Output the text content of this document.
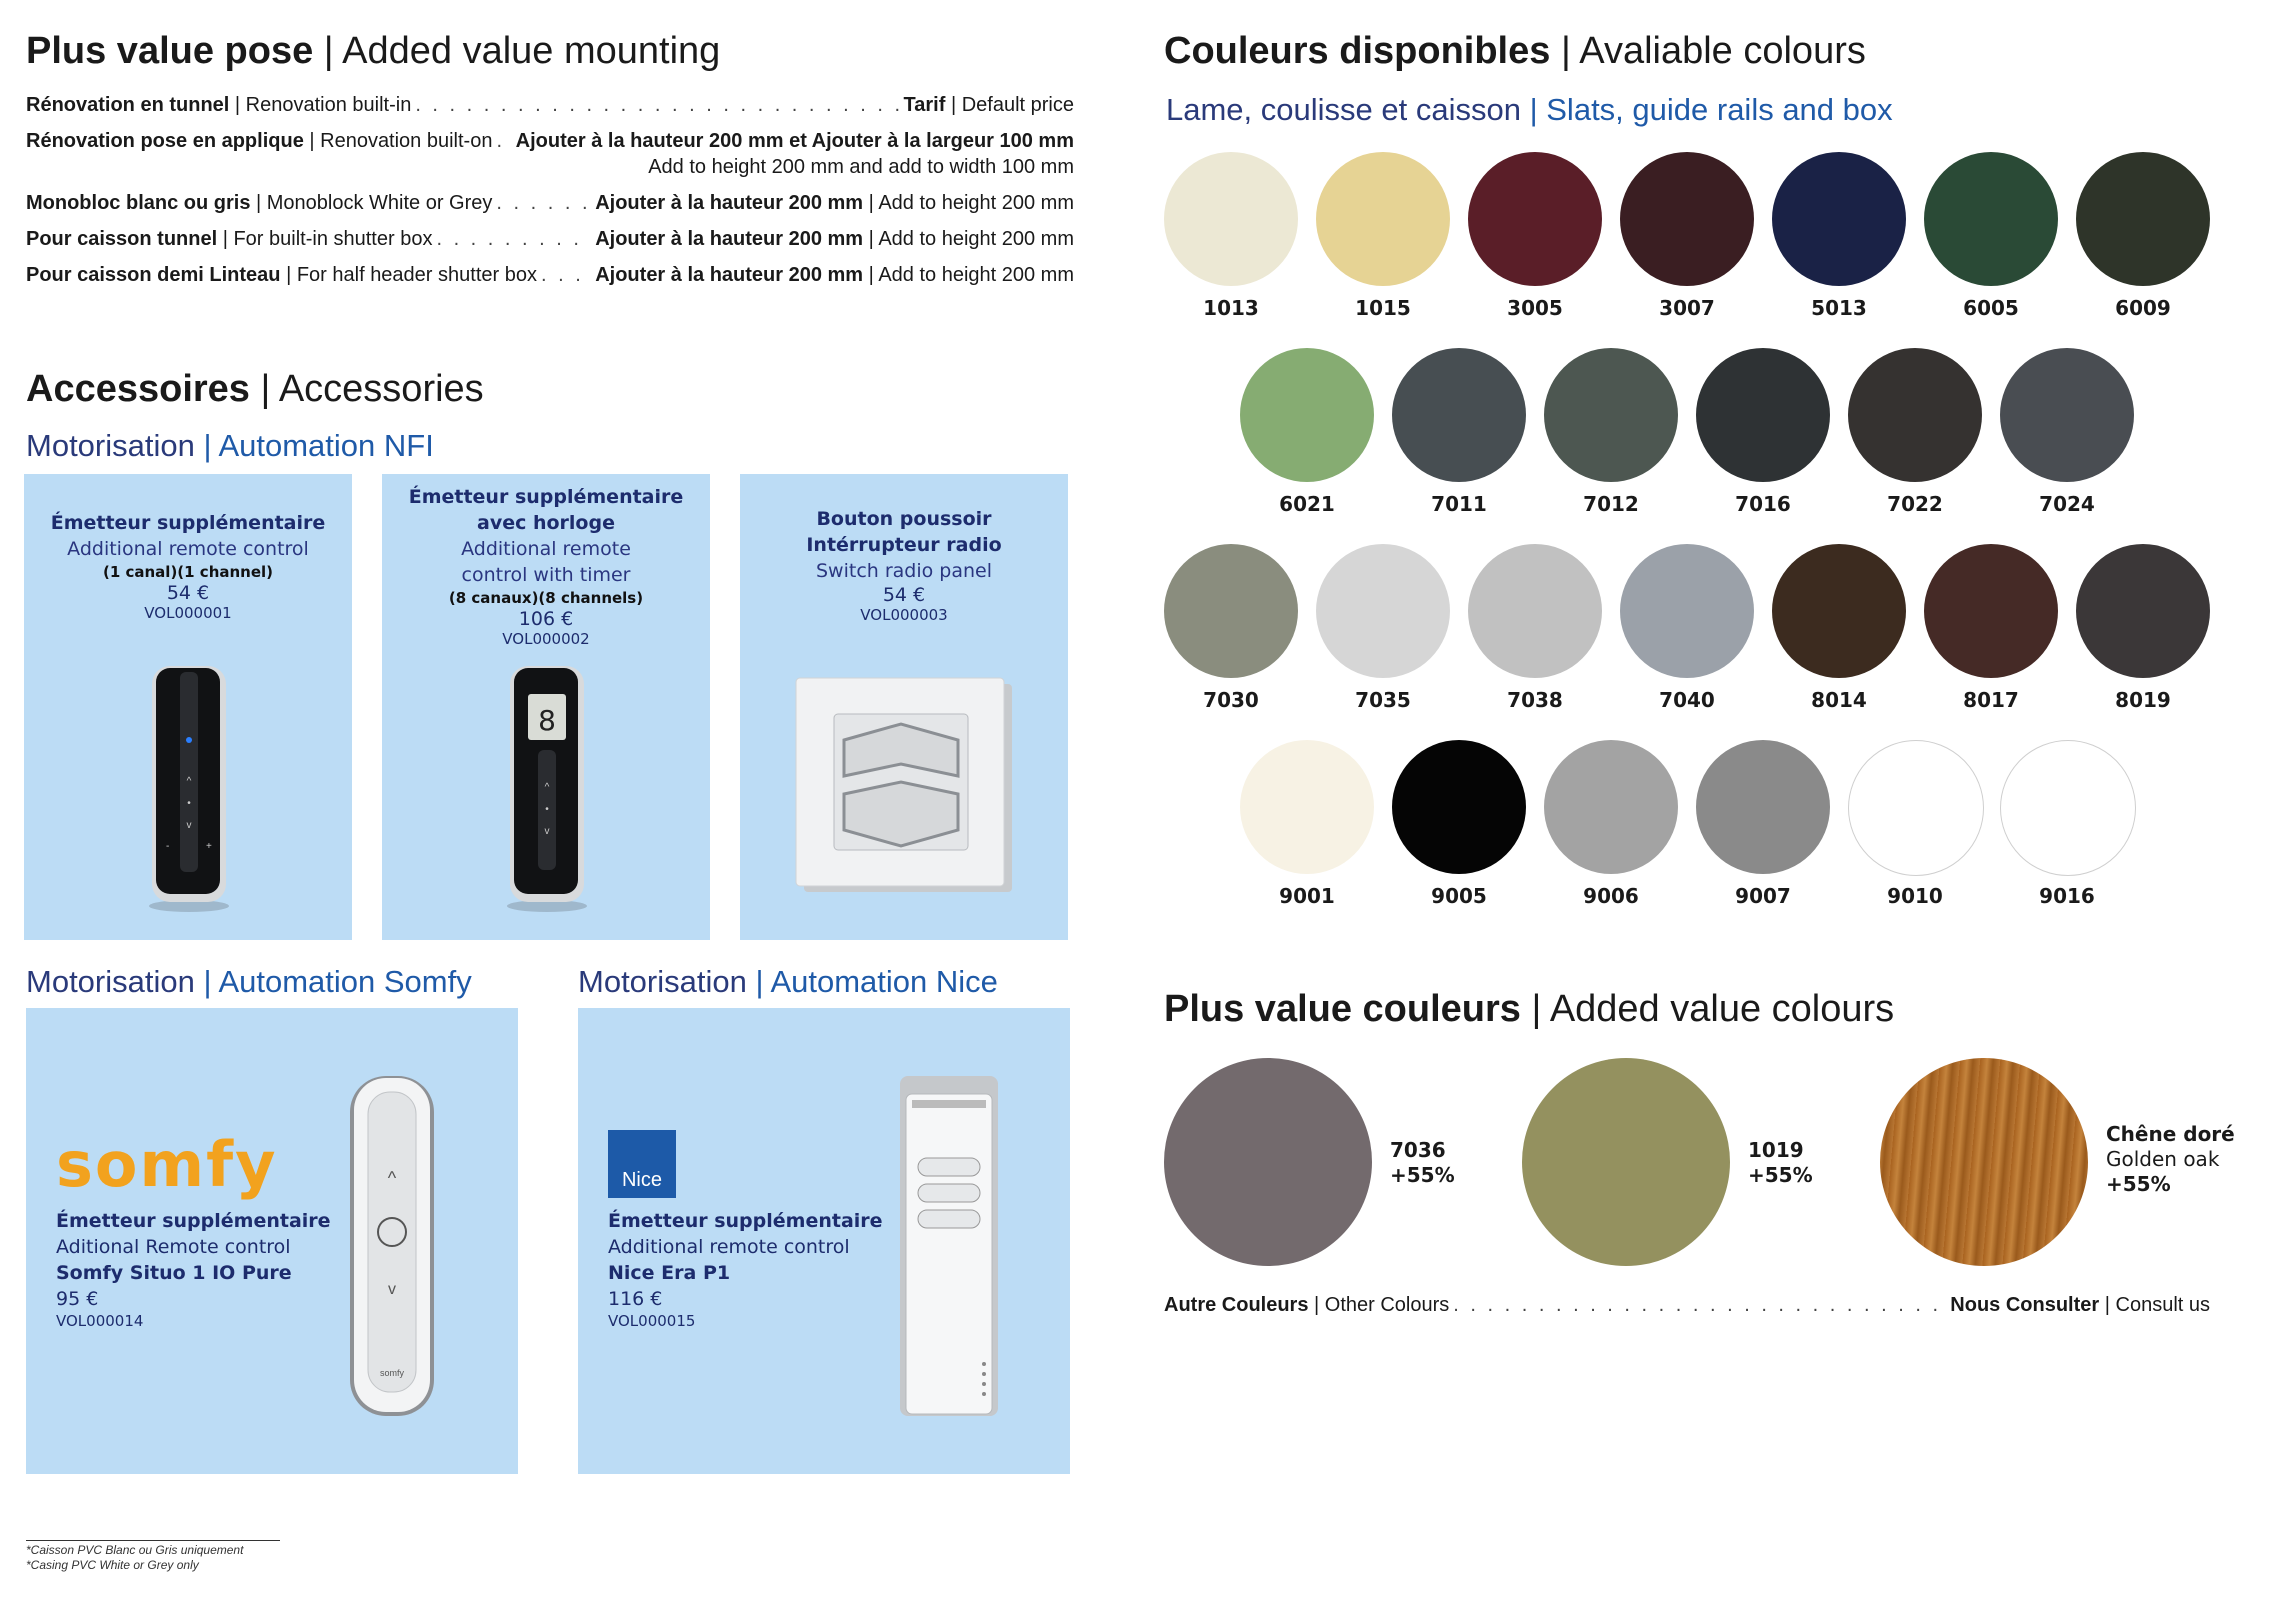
Plus value pose | Added value mounting
Rénovation en tunnel | Renovation built-in . . .	Tarif | Default price
Rénovation pose en applique | Renovation built-on . . . Ajouter à la hauteur 200 mm et Ajouter à la largeur 100 mm
Add to height 200 mm and add to width 100 mm
Monobloc blanc ou gris | Monoblock White or Grey . . .	Ajouter à la hauteur 200 mm | Add to height 200 mm
Pour caisson tunnel | For built-in shutter box . . .	Ajouter à la hauteur 200 mm | Add to height 200 mm
Pour caisson demi Linteau | For half header shutter box . . .	Ajouter à la hauteur 200 mm | Add to height 200 mm
Accessoires | Accessories
Motorisation | Automation NFI
Émetteur supplémentaire
Additional remote control
(1 canal)(1 channel)
54 €
VOL000001
^
•
v
-	+
Émetteur supplémentaire
avec horloge
Additional remote
control with timer
(8 canaux)(8 channels)
106 €
VOL000002
8
^
•
v
Bouton poussoir
Intérrupteur radio
Switch radio panel
54 €
VOL000003
Motorisation | Automation Somfy	Motorisation | Automation Nice
somfy
Émetteur supplémentaire
Aditional Remote control
Somfy Situo 1 IO Pure
95 €
VOL000014
^
v
somfy
Nice
Émetteur supplémentaire
Additional remote control
Nice Era P1
116 €
VOL000015
*Caisson PVC Blanc ou Gris uniquement
*Casing PVC White or Grey only
Couleurs disponibles | Avaliable colours
Lame, coulisse et caisson | Slats, guide rails and box
1013	1015	3005	3007	5013	6005	6009
6021	7011	7012	7016	7022	7024
7030	7035	7038	7040	8014	8017	8019
9001	9005	9006	9007	9010	9016
Plus value couleurs | Added value colours
7036
+55%
1019
+55%
Chêne doré
Golden oak
+55%
Autre Couleurs | Other Colours . . .	Nous Consulter | Consult us
